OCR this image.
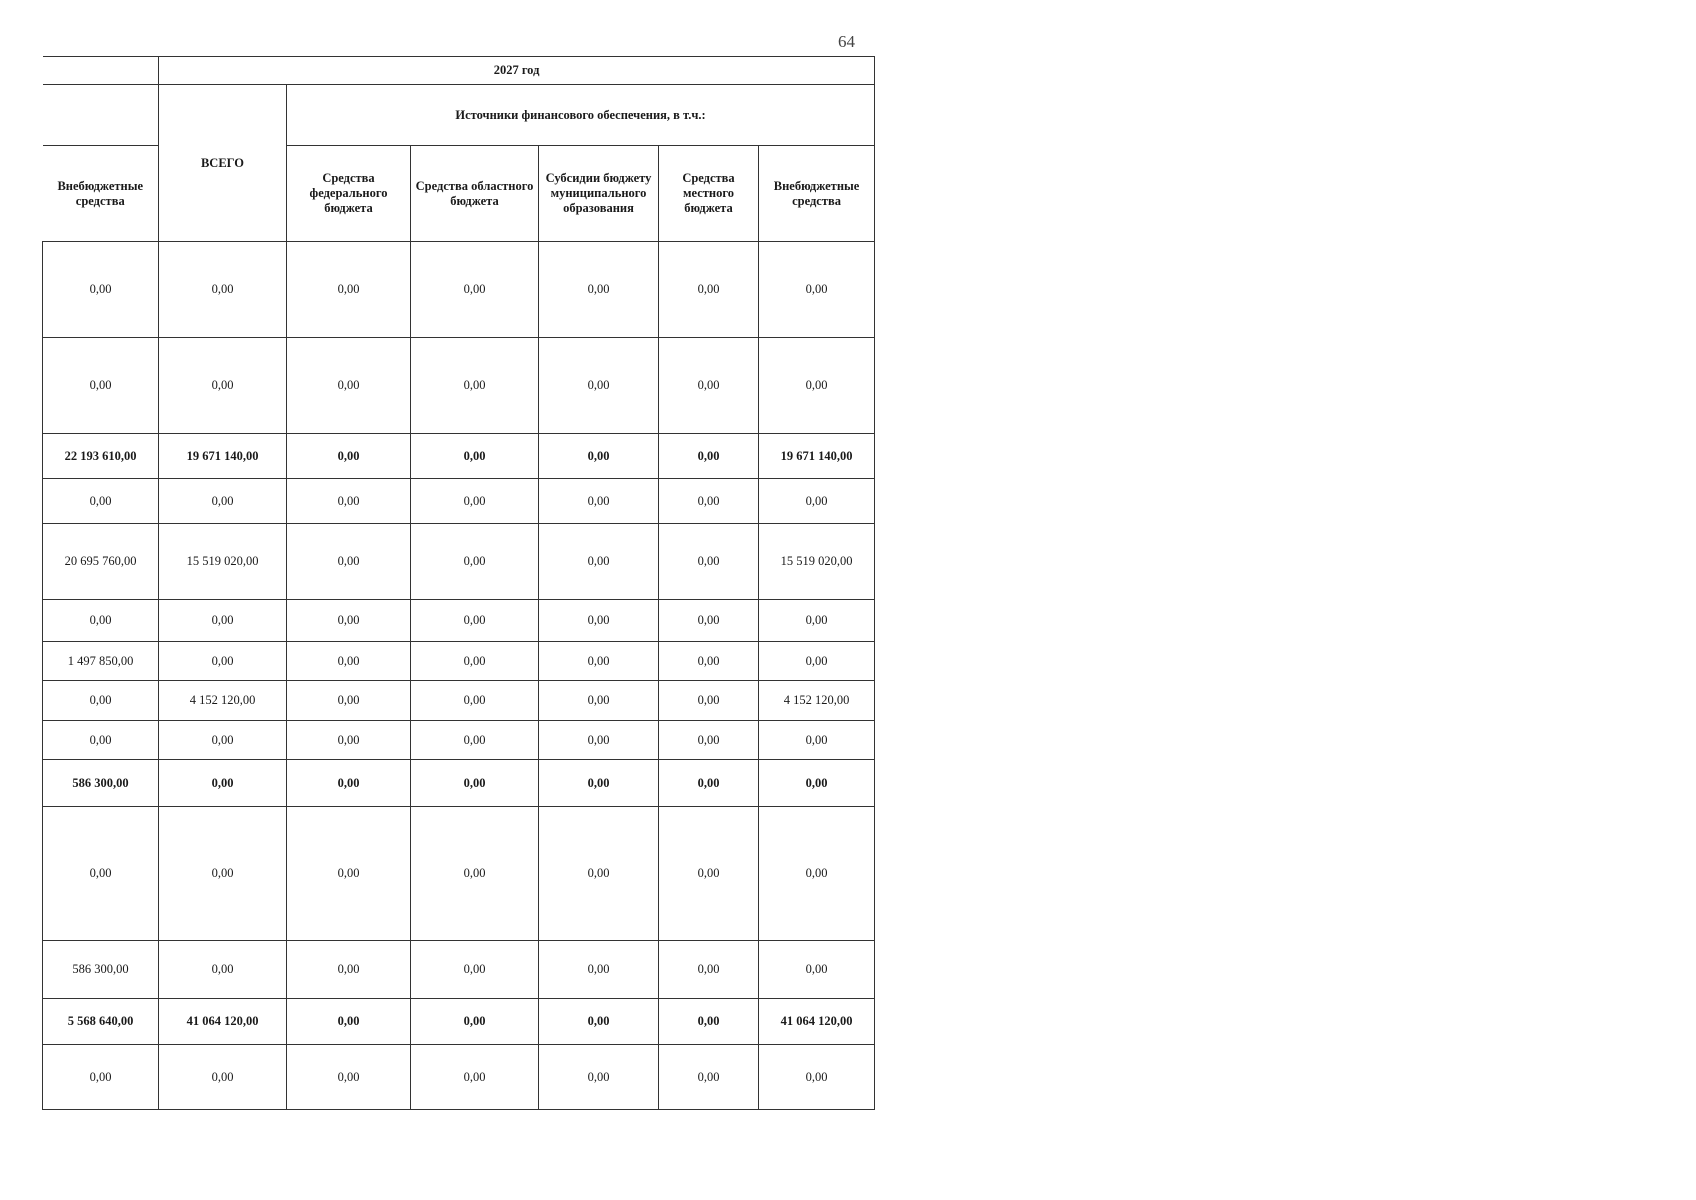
64
	2027 год					
	ВСЕГО	Источники финансового обеспечения, в т.ч.:				
Внебюджетные средства		Средства федерального бюджета	Средства областного бюджета	Субсидии бюджету муниципального образования	Средства местного бюджета	Внебюджетные средства
0,00	0,00	0,00	0,00	0,00	0,00	0,00
0,00	0,00	0,00	0,00	0,00	0,00	0,00
22 193 610,00	19 671 140,00	0,00	0,00	0,00	0,00	19 671 140,00
0,00	0,00	0,00	0,00	0,00	0,00	0,00
20 695 760,00	15 519 020,00	0,00	0,00	0,00	0,00	15 519 020,00
0,00	0,00	0,00	0,00	0,00	0,00	0,00
1 497 850,00	0,00	0,00	0,00	0,00	0,00	0,00
0,00	4 152 120,00	0,00	0,00	0,00	0,00	4 152 120,00
0,00	0,00	0,00	0,00	0,00	0,00	0,00
586 300,00	0,00	0,00	0,00	0,00	0,00	0,00
0,00	0,00	0,00	0,00	0,00	0,00	0,00
586 300,00	0,00	0,00	0,00	0,00	0,00	0,00
5 568 640,00	41 064 120,00	0,00	0,00	0,00	0,00	41 064 120,00
0,00	0,00	0,00	0,00	0,00	0,00	0,00
